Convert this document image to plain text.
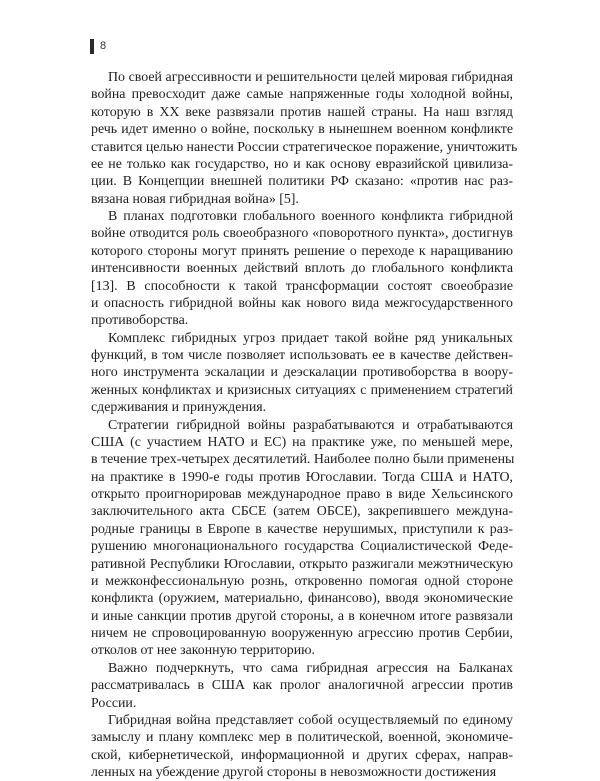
8
По своей агрессивности и решительности целей мировая гибридная
война превосходит даже самые напряженные годы холодной войны,
которую в XX веке развязали против нашей страны. На наш взгляд
речь идет именно о войне, поскольку в нынешнем военном конфликте
ставится целью нанести России стратегическое поражение, уничтожить
ее не только как государство, но и как основу евразийской цивилиза-
ции. В Концепции внешней политики РФ сказано: «против нас раз-
вязана новая гибридная война» [5].
В планах подготовки глобального военного конфликта гибридной
войне отводится роль своеобразного «поворотного пункта», достигнув
которого стороны могут принять решение о переходе к наращиванию
интенсивности военных действий вплоть до глобального конфликта
[13]. В способности к такой трансформации состоят своеобразие
и опасность гибридной войны как нового вида межгосударственного
противоборства.
Комплекс гибридных угроз придает такой войне ряд уникальных
функций, в том числе позволяет использовать ее в качестве действен-
ного инструмента эскалации и деэскалации противоборства в воору-
женных конфликтах и кризисных ситуациях с применением стратегий
сдерживания и принуждения.
Стратегии гибридной войны разрабатываются и отрабатываются
США (с участием НАТО и ЕС) на практике уже, по меньшей мере,
в течение трех-четырех десятилетий. Наиболее полно были применены
на практике в 1990-е годы против Югославии. Тогда США и НАТО,
открыто проигнорировав международное право в виде Хельсинского
заключительного акта СБСЕ (затем ОБСЕ), закрепившего междуна-
родные границы в Европе в качестве нерушимых, приступили к раз-
рушению многонационального государства Социалистической Феде-
ративной Республики Югославии, открыто разжигали межэтническую
и межконфессиональную рознь, откровенно помогая одной стороне
конфликта (оружием, материально, финансово), вводя экономические
и иные санкции против другой стороны, а в конечном итоге развязали
ничем не спровоцированную вооруженную агрессию против Сербии,
отколов от нее законную территорию.
Важно подчеркнуть, что сама гибридная агрессия на Балканах
рассматривалась в США как пролог аналогичной агрессии против
России.
Гибридная война представляет собой осуществляемый по единому
замыслу и плану комплекс мер в политической, военной, экономиче-
ской, кибернетической, информационной и других сферах, направ-
ленных на убеждение другой стороны в невозможности достижения
